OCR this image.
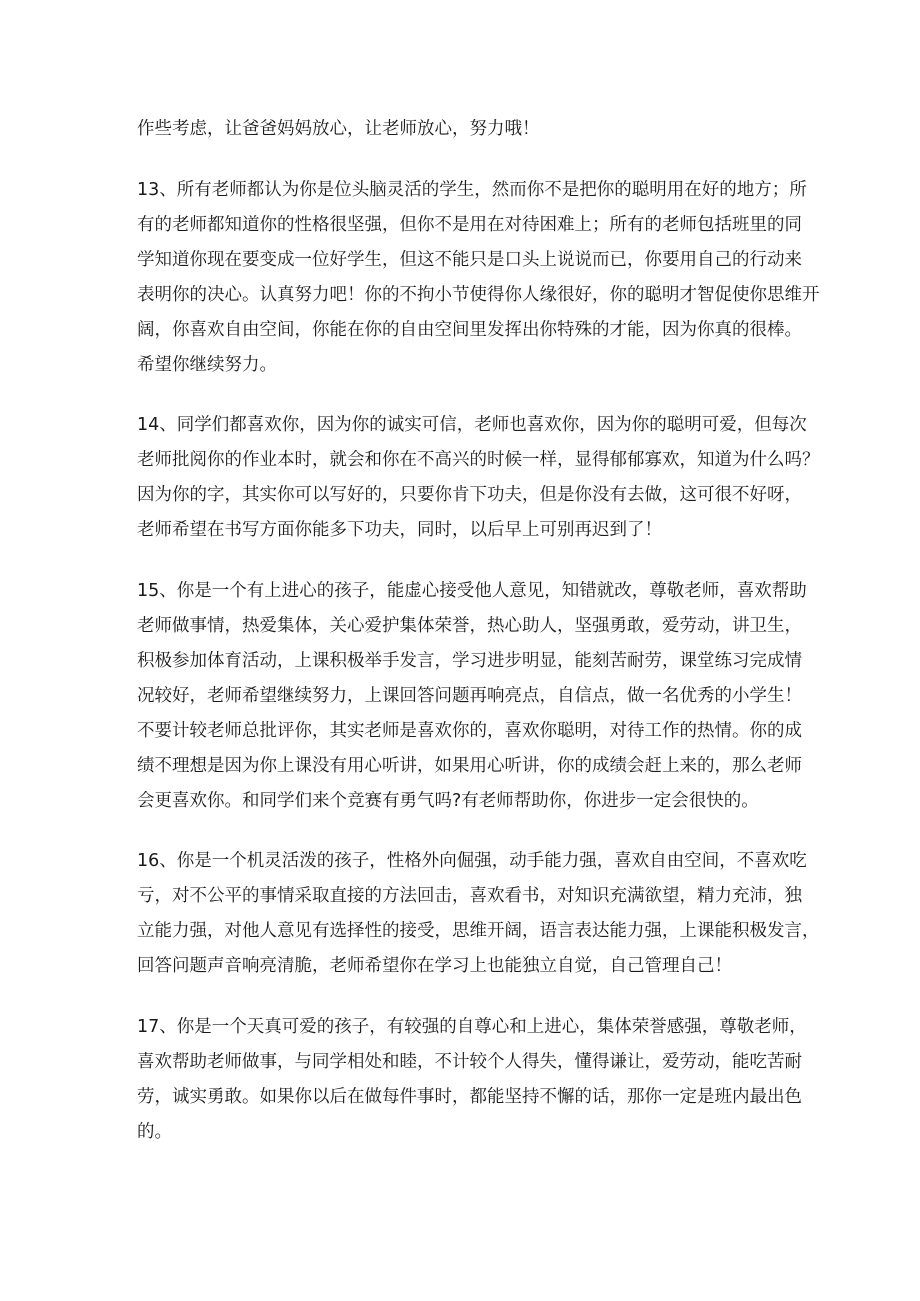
作些考虑，让爸爸妈妈放心，让老师放心，努力哦！

13、所有老师都认为你是位头脑灵活的学生，然而你不是把你的聪明用在好的地方；所
有的老师都知道你的性格很坚强，但你不是用在对待困难上；所有的老师包括班里的同
学知道你现在要变成一位好学生，但这不能只是口头上说说而已，你要用自己的行动来
表明你的决心。认真努力吧！你的不拘小节使得你人缘很好，你的聪明才智促使你思维开
阔，你喜欢自由空间，你能在你的自由空间里发挥出你特殊的才能，因为你真的很棒。
希望你继续努力。

14、同学们都喜欢你，因为你的诚实可信，老师也喜欢你，因为你的聪明可爱，但每次
老师批阅你的作业本时，就会和你在不高兴的时候一样，显得郁郁寡欢，知道为什么吗？
因为你的字，其实你可以写好的，只要你肯下功夫，但是你没有去做，这可很不好呀，
老师希望在书写方面你能多下功夫，同时，以后早上可别再迟到了！

15、你是一个有上进心的孩子，能虚心接受他人意见，知错就改，尊敬老师，喜欢帮助
老师做事情，热爱集体，关心爱护集体荣誉，热心助人，坚强勇敢，爱劳动，讲卫生，
积极参加体育活动，上课积极举手发言，学习进步明显，能刻苦耐劳，课堂练习完成情
况较好，老师希望继续努力，上课回答问题再响亮点，自信点，做一名优秀的小学生！
不要计较老师总批评你，其实老师是喜欢你的，喜欢你聪明，对待工作的热情。你的成
绩不理想是因为你上课没有用心听讲，如果用心听讲，你的成绩会赶上来的，那么老师
会更喜欢你。和同学们来个竞赛有勇气吗?有老师帮助你，你进步一定会很快的。

16、你是一个机灵活泼的孩子，性格外向倔强，动手能力强，喜欢自由空间，不喜欢吃
亏，对不公平的事情采取直接的方法回击，喜欢看书，对知识充满欲望，精力充沛，独
立能力强，对他人意见有选择性的接受，思维开阔，语言表达能力强，上课能积极发言，
回答问题声音响亮清脆，老师希望你在学习上也能独立自觉，自己管理自己！

17、你是一个天真可爱的孩子，有较强的自尊心和上进心，集体荣誉感强，尊敬老师，
喜欢帮助老师做事，与同学相处和睦，不计较个人得失，懂得谦让，爱劳动，能吃苦耐
劳，诚实勇敢。如果你以后在做每件事时，都能坚持不懈的话，那你一定是班内最出色
的。
